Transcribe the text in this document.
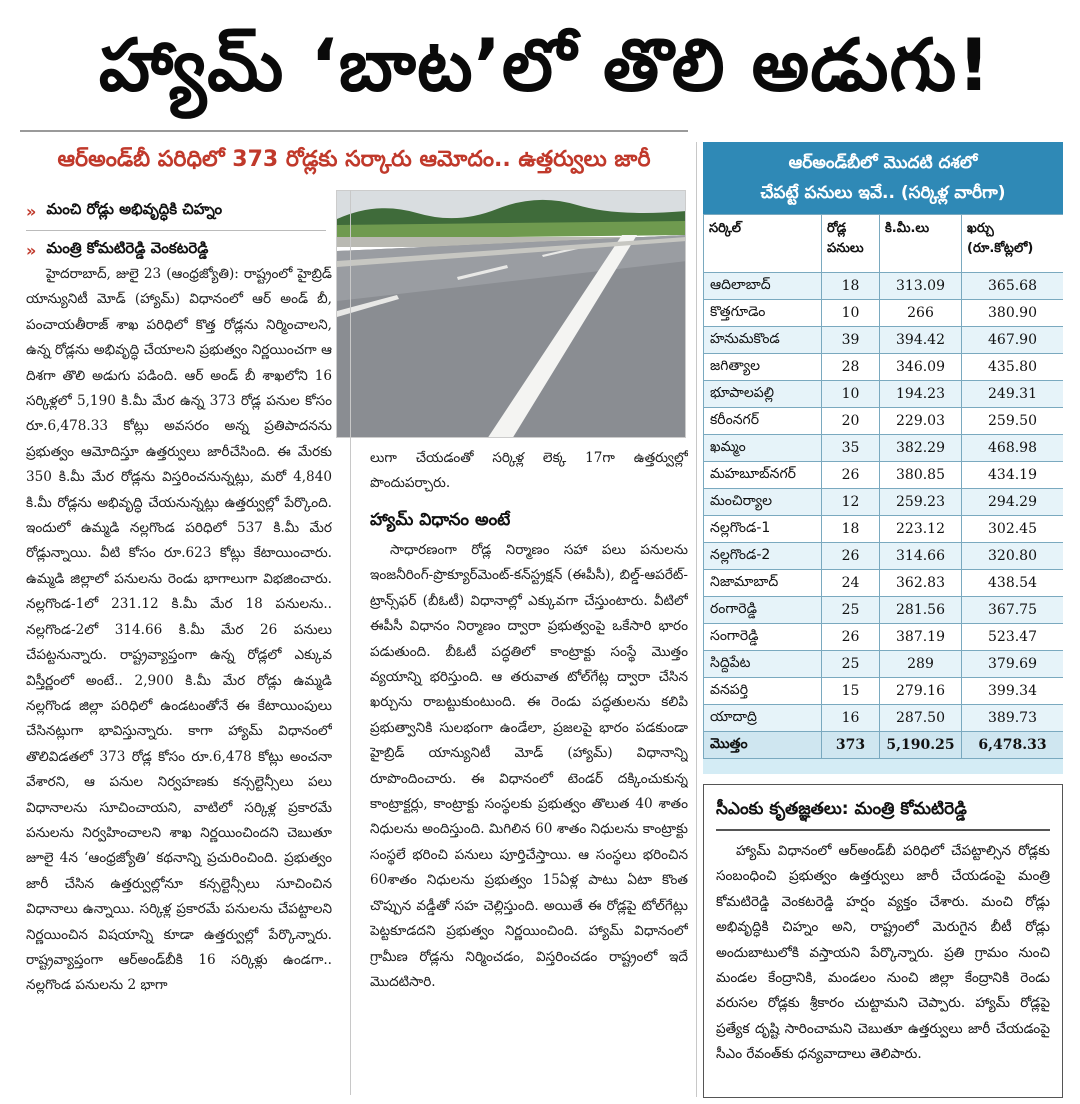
హ్యామ్ ‘బాట’లో తొలి అడుగు!
ఆర్‌అండ్‌బీ పరిధిలో 373 రోడ్లకు సర్కారు ఆమోదం.. ఉత్తర్వులు జారీ
» మంచి రోడ్లు అభివృద్ధికి చిహ్నం
» మంత్రి కోమటిరెడ్డి వెంకటరెడ్డి

హైదరాబాద్, జులై 23 (ఆంధ్రజ్యోతి): రాష్ట్రంలో హైబ్రిడ్ యాన్యునిటీ మోడ్ (హ్యామ్) విధానంలో ఆర్ అండ్ బీ, పంచాయతీరాజ్ శాఖ పరిధిలో కొత్త రోడ్లను నిర్మించాలని, ఉన్న రోడ్లను అభివృద్ధి చేయాలని ప్రభుత్వం నిర్ణయించగా ఆ దిశగా తొలి అడుగు పడింది. ఆర్ అండ్ బీ శాఖలోని 16 సర్కిళ్లలో 5,190 కి.మీ మేర ఉన్న 373 రోడ్ల పనుల కోసం రూ.6,478.33 కోట్లు అవసరం అన్న ప్రతిపాదనను ప్రభుత్వం ఆమోదిస్తూ ఉత్తర్వులు జారీచేసింది. ఈ మేరకు 350 కి.మీ మేర రోడ్లను విస్తరించనున్నట్లు, మరో 4,840 కి.మీ రోడ్లను అభివృద్ధి చేయనున్నట్లు ఉత్తర్వుల్లో పేర్కొంది. ఇందులో ఉమ్మడి నల్లగొండ పరిధిలో 537 కి.మీ మేర రోడ్లున్నాయి. వీటి కోసం రూ.623 కోట్లు కేటాయించారు. ఉమ్మడి జిల్లాలో పనులను రెండు భాగాలుగా విభజించారు. నల్లగొండ-1లో 231.12 కి.మీ మేర 18 పనులను.. నల్లగొండ-2లో 314.66 కి.మీ మేర 26 పనులు చేపట్టనున్నారు. రాష్ట్రవ్యాప్తంగా ఉన్న రోడ్లలో ఎక్కువ విస్తీర్ణంలో అంటే.. 2,900 కి.మీ మేర రోడ్లు ఉమ్మడి నల్లగొండ జిల్లా పరిధిలో ఉండటంతోనే ఈ కేటాయింపులు చేసినట్లుగా భావిస్తున్నారు. కాగా హ్యామ్ విధానంలో తొలివిడతలో 373 రోడ్ల కోసం రూ.6,478 కోట్లు అంచనా వేశారని, ఆ పనుల నిర్వహణకు కన్సల్టెన్సీలు పలు విధానాలను సూచించాయని, వాటిలో సర్కిళ్ల ప్రకారమే పనులను నిర్వహించాలని శాఖ నిర్ణయించిందని చెబుతూ జూలై 4న ‘ఆంధ్రజ్యోతి’ కథనాన్ని ప్రచురించింది. ప్రభుత్వం జారీ చేసిన ఉత్తర్వుల్లోనూ కన్సల్టెన్సీలు సూచించిన విధానాలు ఉన్నాయి. సర్కిళ్ల ప్రకారమే పనులను చేపట్టాలని నిర్ణయించిన విషయాన్ని కూడా ఉత్తర్వుల్లో పేర్కొన్నారు. రాష్ట్రవ్యాప్తంగా ఆర్‌అండ్‌బీకి 16 సర్కిళ్లు ఉండగా.. నల్లగొండ పనులను 2 భాగా

లుగా చేయడంతో సర్కిళ్ల లెక్క 17గా ఉత్తర్వుల్లో పొందుపర్చారు.

హ్యామ్ విధానం అంటే

సాధారణంగా రోడ్ల నిర్మాణం సహా పలు పనులను ఇంజనీరింగ్-ప్రొక్యూర్‌మెంట్-కన్‌స్ట్రక్షన్ (ఈపీసీ), బిల్డ్-ఆపరేట్-ట్రాన్స్‌ఫర్ (బీఓటీ) విధానాల్లో ఎక్కువగా చేస్తుంటారు. వీటిలో ఈపీసీ విధానం నిర్మాణం ద్వారా ప్రభుత్వంపై ఒకేసారి భారం పడుతుంది. బీఓటీ పద్ధతిలో కాంట్రాక్టు సంస్థే మొత్తం వ్యయాన్ని భరిస్తుంది. ఆ తరువాత టోల్‌గేట్ల ద్వారా చేసిన ఖర్చును రాబట్టుకుంటుంది. ఈ రెండు పద్ధతులను కలిపి ప్రభుత్వానికి సులభంగా ఉండేలా, ప్రజలపై భారం పడకుండా హైబ్రిడ్ యాన్యునిటీ మోడ్ (హ్యామ్) విధానాన్ని రూపొందించారు. ఈ విధానంలో టెండర్ దక్కించుకున్న కాంట్రాక్టర్లు, కాంట్రాక్టు సంస్థలకు ప్రభుత్వం తొలుత 40 శాతం నిధులను అందిస్తుంది. మిగిలిన 60 శాతం నిధులను కాంట్రాక్టు సంస్థలే భరించి పనులు పూర్తిచేస్తాయి. ఆ సంస్థలు భరించిన 60శాతం నిధులను ప్రభుత్వం 15ఏళ్ల పాటు ఏటా కొంత చొప్పున వడ్డీతో సహ చెల్లిస్తుంది. అయితే ఈ రోడ్లపై టోల్‌గేట్లు పెట్టకూడదని ప్రభుత్వం నిర్ణయించింది. హ్యామ్ విధానంలో గ్రామీణ రోడ్లను నిర్మించడం, విస్తరించడం రాష్ట్రంలో ఇదే మొదటిసారి.

ఆర్‌అండ్‌బీలో మొదటి దశలో
చేపట్టే పనులు ఇవే.. (సర్కిళ్ల వారీగా)
సర్కిల్	రోడ్ల పనులు	కి.మీ.లు	ఖర్చు (రూ.కోట్లలో)
ఆదిలాబాద్	18	313.09	365.68
కొత్తగూడెం	10	266	380.90
హనుమకొండ	39	394.42	467.90
జగిత్యాల	28	346.09	435.80
భూపాలపల్లి	10	194.23	249.31
కరీంనగర్	20	229.03	259.50
ఖమ్మం	35	382.29	468.98
మహబూబ్‌నగర్	26	380.85	434.19
మంచిర్యాల	12	259.23	294.29
నల్లగొండ-1	18	223.12	302.45
నల్లగొండ-2	26	314.66	320.80
నిజామాబాద్	24	362.83	438.54
రంగారెడ్డి	25	281.56	367.75
సంగారెడ్డి	26	387.19	523.47
సిద్దిపేట	25	289	379.69
వనపర్తి	15	279.16	399.34
యాదాద్రి	16	287.50	389.73
మొత్తం	373	5,190.25	6,478.33
సీఎంకు కృతజ్ఞతలు: మంత్రి కోమటిరెడ్డి

హ్యామ్ విధానంలో ఆర్‌అండ్‌బీ పరిధిలో చేపట్టాల్సిన రోడ్లకు సంబంధించి ప్రభుత్వం ఉత్తర్వులు జారీ చేయడంపై మంత్రి కోమటిరెడ్డి వెంకటరెడ్డి హర్షం వ్యక్తం చేశారు. మంచి రోడ్లు అభివృద్ధికి చిహ్నం అని, రాష్ట్రంలో మెరుగైన బీటీ రోడ్లు అందుబాటులోకి వస్తాయని పేర్కొన్నారు. ప్రతి గ్రామం నుంచి మండల కేంద్రానికి, మండలం నుంచి జిల్లా కేంద్రానికి రెండు వరుసల రోడ్లకు శ్రీకారం చుట్టామని చెప్పారు. హ్యామ్ రోడ్లపై ప్రత్యేక దృష్టి సారించామని చెబుతూ ఉత్తర్వులు జారీ చేయడంపై సీఎం రేవంత్‌కు ధన్యవాదాలు తెలిపారు.
